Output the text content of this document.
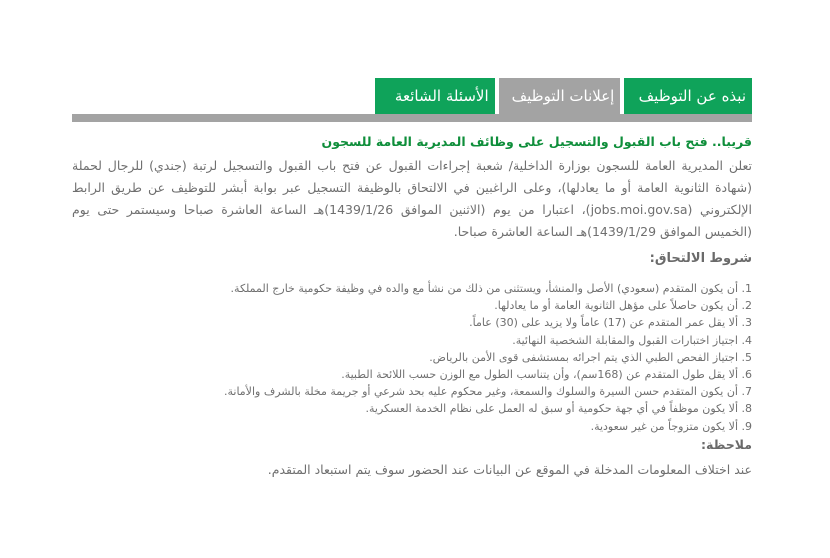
نبذه عن التوظيف
إعلانات التوظيف
الأسئلة الشائعة

قريبا.. فتح باب القبول والتسجيل على وظائف المديرية العامة للسجون

تعلن المديرية العامة للسجون بوزارة الداخلية/ شعبة إجراءات القبول عن فتح باب القبول والتسجيل لرتبة (جندي) للرجال لحملة (شهادة الثانوية العامة أو ما يعادلها)، وعلى الراغبين في الالتحاق بالوظيفة التسجيل عبر بوابة أبشر للتوظيف عن طريق الرابط الإلكتروني (jobs.moi.gov.sa)، اعتبارا من يوم (الاثنين الموافق 1439/1/26)هـ الساعة العاشرة صباحا وسيستمر حتى يوم (الخميس الموافق 1439/1/29)هـ الساعة العاشرة صباحا.

شروط الالتحاق:
1. أن يكون المتقدم (سعودي) الأصل والمنشأ، ويستثنى من ذلك من نشأ مع والده في وظيفة حكومية خارج المملكة.
2. أن يكون حاصلاً على مؤهل الثانوية العامة أو ما يعادلها.
3. ألا يقل عمر المتقدم عن (17) عاماً ولا يزيد على (30) عاماً.
4. اجتياز اختبارات القبول والمقابلة الشخصية النهائية.
5. اجتياز الفحص الطبي الذي يتم اجرائه بمستشفى قوى الأمن بالرياض.
6. ألا يقل طول المتقدم عن (168سم)، وأن يتناسب الطول مع الوزن حسب اللائحة الطبية.
7. أن يكون المتقدم حسن السيرة والسلوك والسمعة، وغير محكوم عليه بحد شرعي أو جريمة مخلة بالشرف والأمانة.
8. ألا يكون موظفاً في أي جهة حكومية أو سبق له العمل على نظام الخدمة العسكرية.
9. ألا يكون متزوجاً من غير سعودية.
ملاحظة:

عند اختلاف المعلومات المدخلة في الموقع عن البيانات عند الحضور سوف يتم استبعاد المتقدم.
